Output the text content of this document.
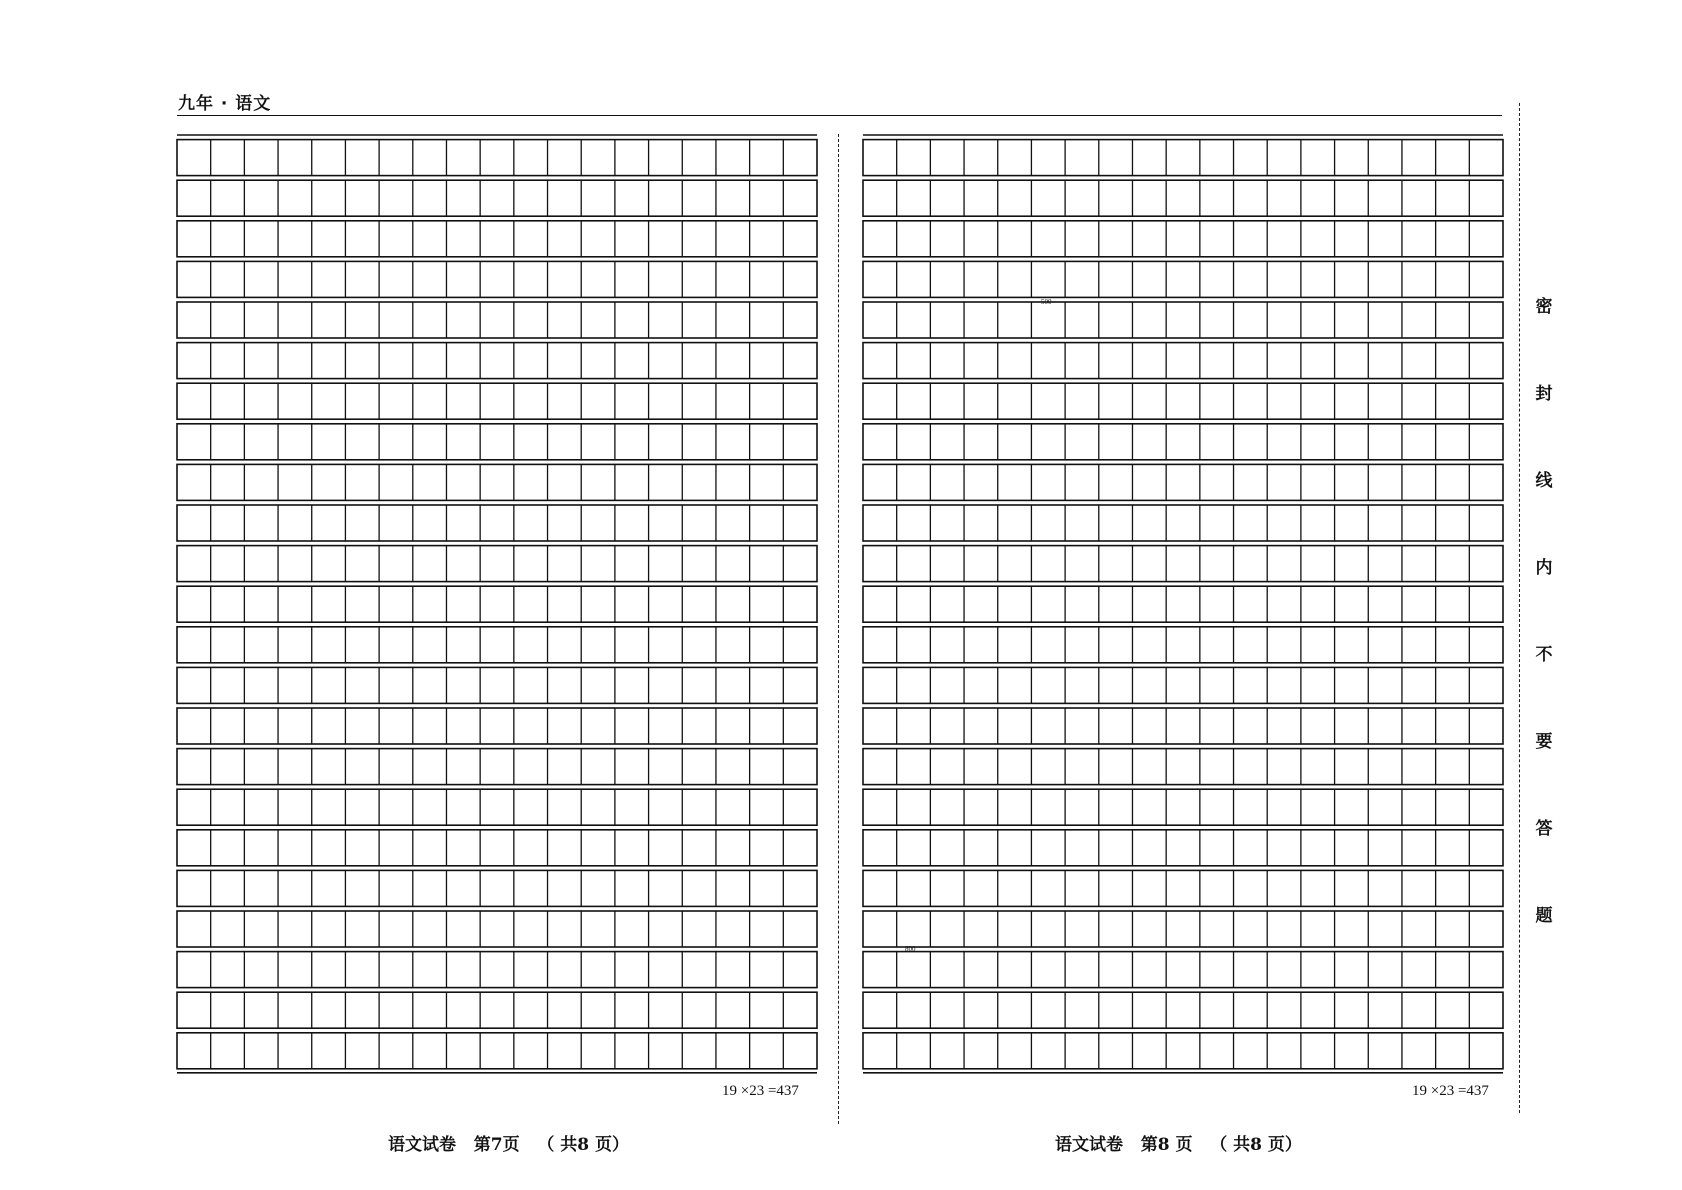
九年 · 语文
19 ×23 =437
500
800
19 ×23 =437
密
封
线
内
不
要
答
题
语文试卷   第7页   （ 共8 页）	语文试卷   第8 页   （ 共8 页）
